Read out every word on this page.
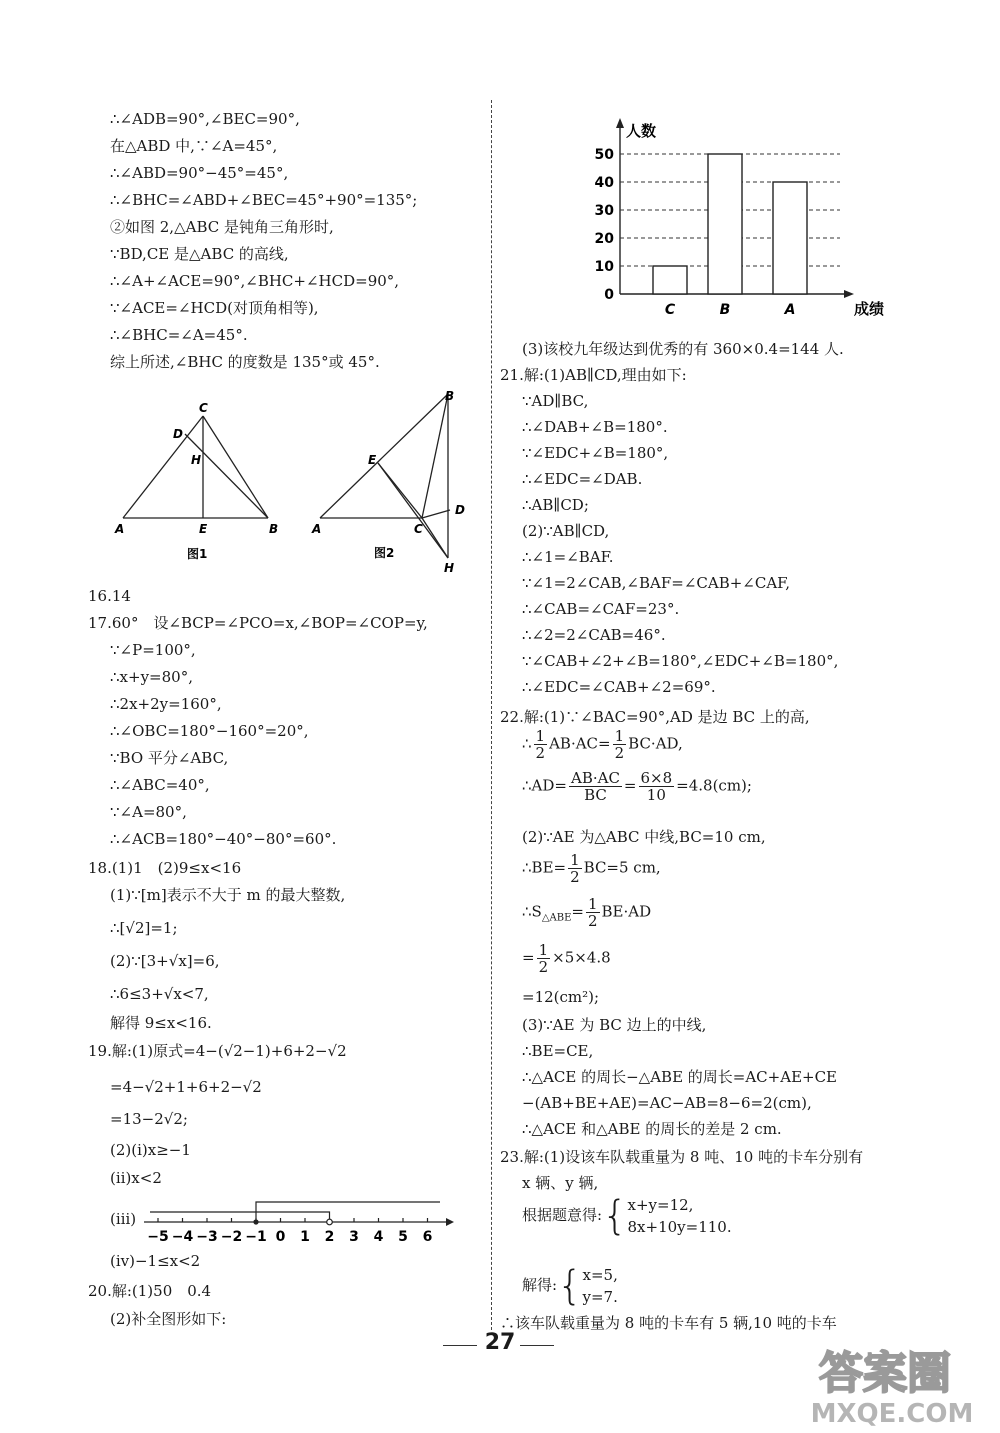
∴∠ADB=90°,∠BEC=90°,
在△ABD 中,∵∠A=45°,
∴∠ABD=90°−45°=45°,
∴∠BHC=∠ABD+∠BEC=45°+90°=135°;
②如图 2,△ABC 是钝角三角形时,
∵BD,CE 是△ABC 的高线,
∴∠A+∠ACE=90°,∠BHC+∠HCD=90°,
∵∠ACE=∠HCD(对顶角相等),
∴∠BHC=∠A=45°.
综上所述,∠BHC 的度数是 135°或 45°.
16.14
17.60°　设∠BCP=∠PCO=x,∠BOP=∠COP=y,
∵∠P=100°,
∴x+y=80°,
∴2x+2y=160°,
∴∠OBC=180°−160°=20°,
∵BO 平分∠ABC,
∴∠ABC=40°,
∵∠A=80°,
∴∠ACB=180°−40°−80°=60°.
18.(1)1　(2)9≤x<16
(1)∵[m]表示不大于 m 的最大整数,
∴[√2]=1;
(2)∵[3+√x]=6,
∴6≤3+√x<7,
解得 9≤x<16.
19.解:(1)原式=4−(√2−1)+6+2−√2
=4−√2+1+6+2−√2
=13−2√2;
(2)(ⅰ)x≥−1
(ⅱ)x<2
(ⅳ)−1≤x<2
20.解:(1)50　0.4
(2)补全图形如下:
C
D
H
A	E	B
图1
B
E
D
A	C
H
图2
(ⅲ)
−5 −4 −3 −2 −1 0 1 2 3 4 5 6
(3)该校九年级达到优秀的有 360×0.4=144 人.
21.解:(1)AB∥CD,理由如下:
∵AD∥BC,
∴∠DAB+∠B=180°.
∵∠EDC+∠B=180°,
∴∠EDC=∠DAB.
∴AB∥CD;
(2)∵AB∥CD,
∴∠1=∠BAF.
∵∠1=2∠CAB,∠BAF=∠CAB+∠CAF,
∴∠CAB=∠CAF=23°.
∴∠2=2∠CAB=46°.
∵∠CAB+∠2+∠B=180°,∠EDC+∠B=180°,
∴∠EDC=∠CAB+∠2=69°.
22.解:(1)∵∠BAC=90°,AD 是边 BC 上的高,
0
10
20
30
40
50
C	B	A
人数
成绩
∴ $\frac{1}{2} AB\cdot AC= \frac{1}{2} BC\cdot AD$,
∴AD= $\frac{AB\cdot AC}{BC} = \frac{6\times 8}{10} =4.8(cm)$;
(2)∵AE 为△ABC 中线,BC=10 cm,
∴BE= $\frac{1}{2} BC=5$ cm,
$\therefore S_{\triangle ABE}= \frac{1}{2} BE\cdot AD$
= $\frac{1}{2} \times 5\times 4.8$
=12(cm²);
(3)∵AE 为 BC 边上的中线,
∴BE=CE,
∴△ACE 的周长−△ABE 的周长=AC+AE+CE
−(AB+BE+AE)=AC−AB=8−6=2(cm),
∴△ACE 和△ABE 的周长的差是 2 cm.
23.解:(1)设该车队载重量为 8 吨、10 吨的卡车分别有
x 辆、y 辆,
根据题意得:{ x+y=12,
8x+10y=110.
解得:{ x=5,
y=7.
∴该车队载重量为 8 吨的卡车有 5 辆,10 吨的卡车
27
答案圈
MXQE.COM
